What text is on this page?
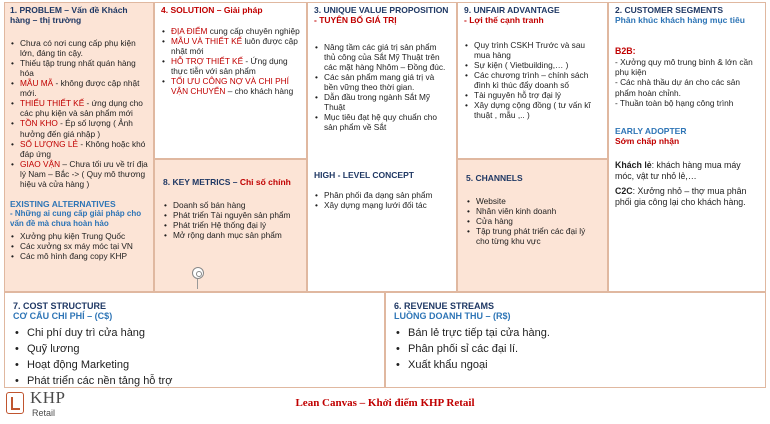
1. PROBLEM – Vấn đề Khách hàng – thị trường
• Chưa có nơi cung cấp phụ kiện lớn, đáng tin cậy.
• Thiếu tập trung nhất quán hàng hóa
• MẪU MÃ - không được cập nhật mới.
• THIẾU THIẾT KẾ - ứng dụng cho các phụ kiện và sản phẩm mới
• TỒN KHO - Ép số lượng ( Ảnh hưởng đến giá nhập )
• SỐ LƯỢNG LẺ - Không hoặc khó đáp ứng
• GIAO VẬN – Chưa tối ưu về trí địa lý Nam – Bắc -> ( Quy mô thương hiệu và cửa hàng )
EXISTING ALTERNATIVES
- Những ai cung cấp giải pháp cho vấn đề mà chưa hoàn hảo
• Xưởng phụ kiện Trung Quốc
• Các xưởng sx máy móc tại VN
• Các mô hình đang copy KHP
4. SOLUTION – Giải pháp
• ĐỊA ĐIỂM cung cấp chuyên nghiệp
• MẪU VÀ THIẾT KẾ luôn được cập nhật mới
• HỖ TRỢ THIẾT KẾ - Ứng dụng thực tiễn với sản phẩm
• TỐI ƯU CÔNG NỢ VÀ CHI PHÍ VẬN CHUYỂN – cho khách hàng
8. KEY METRICS – Chỉ số chính
• Doanh số bán hàng
• Phát triển Tài nguyên sản phẩm
• Phát triển Hệ thống đại lý
• Mở rộng danh mục sản phẩm
3. UNIQUE VALUE PROPOSITION
- TUYÊN BỐ GIÁ TRỊ
• Nâng tầm các giá trị sản phẩm thủ công của Sắt Mỹ Thuật trên các mặt hàng Nhôm – Đồng đúc.
• Các sản phẩm mang giá trị và bền vững theo thời gian.
• Dẫn đầu trong ngành Sắt Mỹ Thuật
• Mục tiêu đạt hệ quy chuẩn cho sản phẩm về Sắt
HIGH - LEVEL CONCEPT
• Phân phối đa dạng sản phẩm
• Xây dựng mạng lưới đối tác
9. UNFAIR ADVANTAGE
- Lợi thế cạnh tranh
• Quy trình CSKH Trước và sau mua hàng
• Sự kiện ( Vietbuilding,… )
• Các chương trình – chính sách đình kì thúc đẩy doanh số
• Tài nguyên hỗ trợ đại lý
• Xây dựng cộng đồng ( tư vấn kĩ thuật , mẫu ,.. )
5. CHANNELS
• Website
• Nhân viên kinh doanh
• Cửa hàng
• Tập trung phát triển các đại lý cho từng khu vực
2. CUSTOMER SEGMENTS
Phân khúc khách hàng mục tiêu
B2B:
- Xưởng quy mô trung bình & lớn cần phụ kiện
- Các nhà thầu dự án cho các sản phẩm hoàn chỉnh.
- Thuần toàn bộ hạng công trình
EARLY ADOPTER
Sớm chấp nhận
Khách lẻ: khách hàng mua máy móc, vật tư nhỏ lẻ,…
C2C: Xưởng nhỏ – thợ mua phân phối gia công lại cho khách hàng.
7. COST STRUCTURE
CƠ CẤU CHI PHÍ – (C$)
• Chi phí duy trì cửa hàng
• Quỹ lương
• Hoạt động Marketing
• Phát triển các nền tảng hỗ trợ
6. REVENUE STREAMS
LUỒNG DOANH THU – (R$)
• Bán lẻ trực tiếp tại cửa hàng.
• Phân phối sỉ các đại lí.
• Xuất khẩu ngoại
KHP
Retail
Lean Canvas – Khởi điểm KHP Retail
